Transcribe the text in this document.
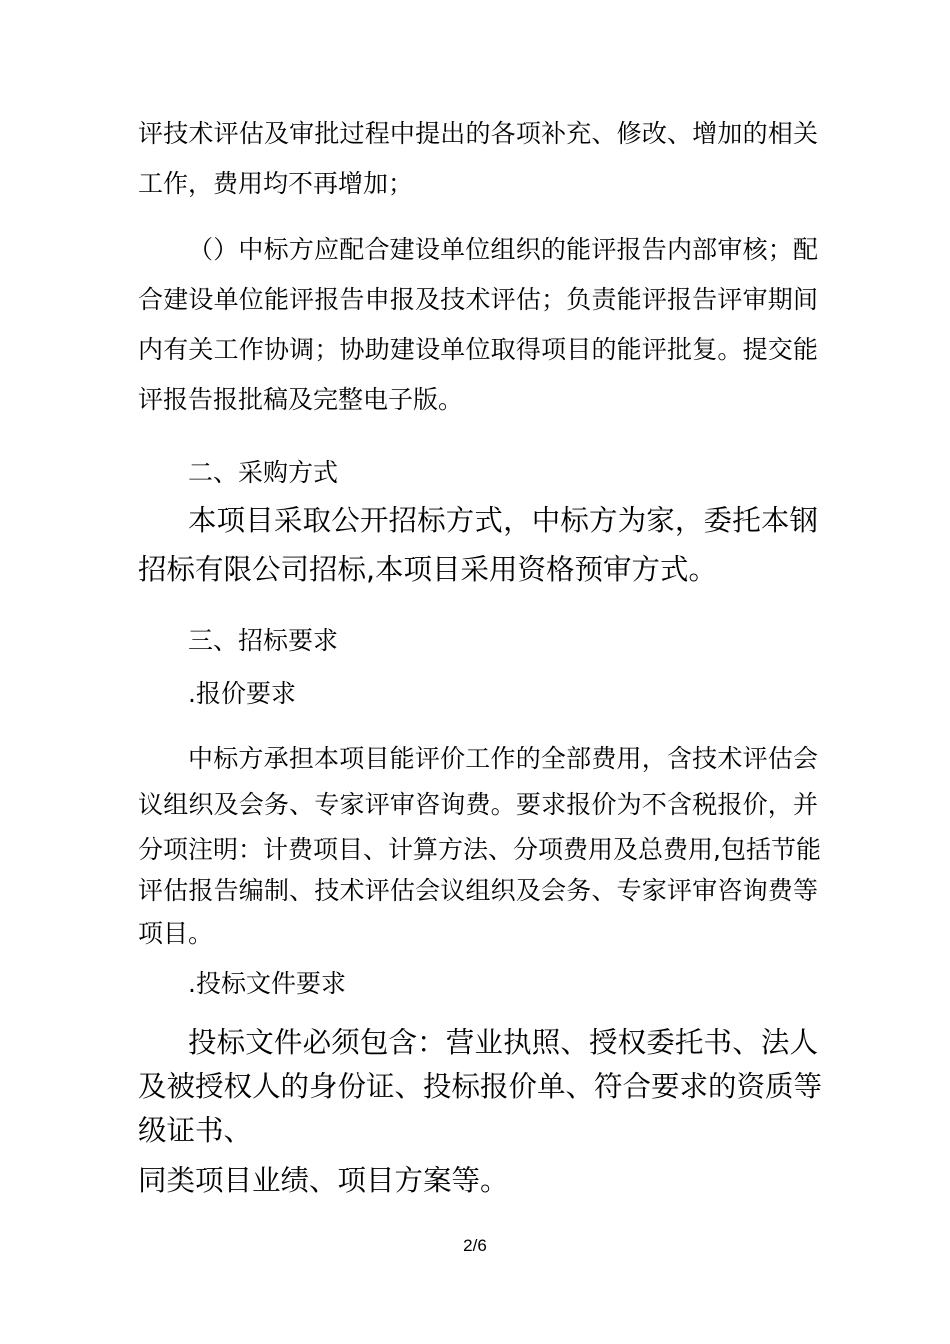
评技术评估及审批过程中提出的各项补充、修改、增加的相关
工作，费用均不再增加；
（）中标方应配合建设单位组织的能评报告内部审核；配
合建设单位能评报告申报及技术评估；负责能评报告评审期间
内有关工作协调；协助建设单位取得项目的能评批复。提交能
评报告报批稿及完整电子版。
二、采购方式
本项目采取公开招标方式，中标方为家，委托本钢
招标有限公司招标,本项目采用资格预审方式。
三、招标要求
.报价要求
中标方承担本项目能评价工作的全部费用，含技术评估会
议组织及会务、专家评审咨询费。要求报价为不含税报价，并
分项注明：计费项目、计算方法、分项费用及总费用,包括节能
评估报告编制、技术评估会议组织及会务、专家评审咨询费等
项目。
.投标文件要求
投标文件必须包含：营业执照、授权委托书、法人
及被授权人的身份证、投标报价单、符合要求的资质等
级证书、
同类项目业绩、项目方案等。
2/6
